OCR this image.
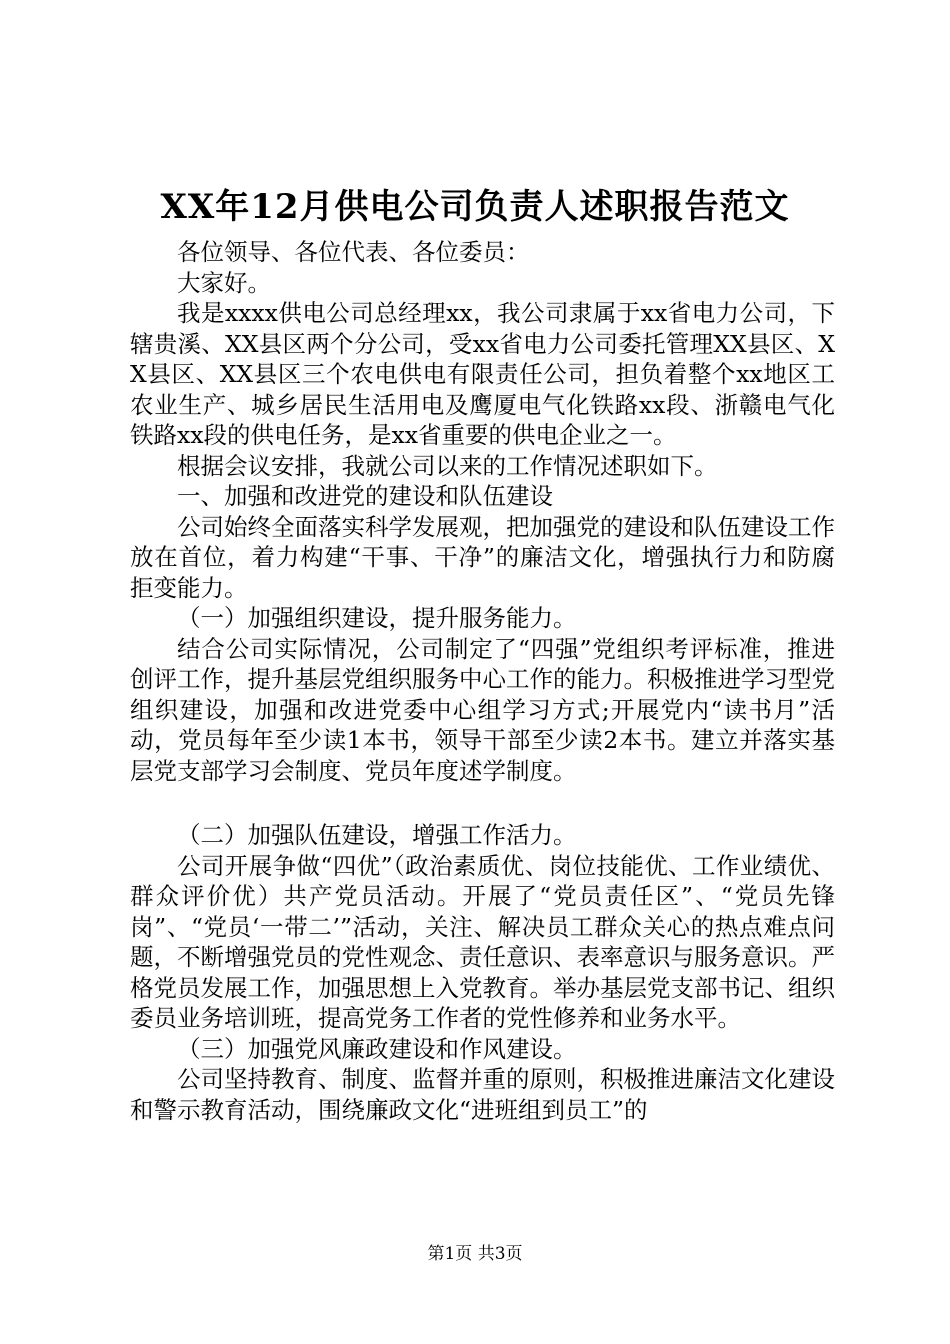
XX年12月供电公司负责人述职报告范文

各位领导、各位代表、各位委员：

大家好。

我是xxxx供电公司总经理xx，我公司隶属于xx省电力公司，下辖贵溪、XX县区两个分公司，受xx省电力公司委托管理XX县区、XX县区、XX县区三个农电供电有限责任公司，担负着整个xx地区工农业生产、城乡居民生活用电及鹰厦电气化铁路xx段、浙赣电气化铁路xx段的供电任务，是xx省重要的供电企业之一。

根据会议安排，我就公司以来的工作情况述职如下。

一、加强和改进党的建设和队伍建设

公司始终全面落实科学发展观，把加强党的建设和队伍建设工作放在首位，着力构建“干事、干净”的廉洁文化，增强执行力和防腐拒变能力。

（一）加强组织建设，提升服务能力。

结合公司实际情况，公司制定了“四强”党组织考评标准，推进创评工作，提升基层党组织服务中心工作的能力。积极推进学习型党组织建设，加强和改进党委中心组学习方式;开展党内“读书月”活动，党员每年至少读1本书，领导干部至少读2本书。建立并落实基层党支部学习会制度、党员年度述学制度。

（二）加强队伍建设，增强工作活力。

公司开展争做“四优”（政治素质优、岗位技能优、工作业绩优、群众评价优）共产党员活动。开展了“党员责任区”、“党员先锋岗”、“党员‘一带二’”活动，关注、解决员工群众关心的热点难点问题，不断增强党员的党性观念、责任意识、表率意识与服务意识。严格党员发展工作，加强思想上入党教育。举办基层党支部书记、组织委员业务培训班，提高党务工作者的党性修养和业务水平。

（三）加强党风廉政建设和作风建设。

公司坚持教育、制度、监督并重的原则，积极推进廉洁文化建设和警示教育活动，围绕廉政文化“进班组到员工”的

第1页 共3页
